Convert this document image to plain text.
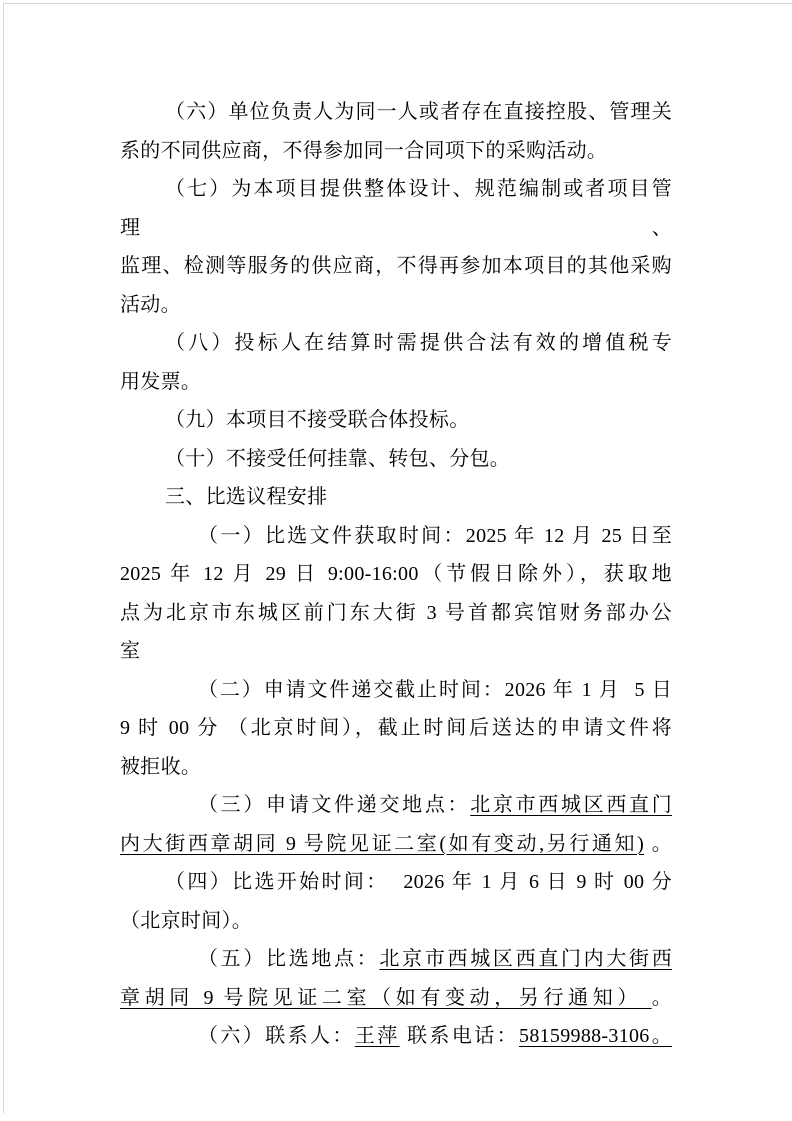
（六）单位负责人为同一人或者存在直接控股、管理关
系的不同供应商，不得参加同一合同项下的采购活动。
（七）为本项目提供整体设计、规范编制或者项目管理、
监理、检测等服务的供应商，不得再参加本项目的其他采购
活动。
（八）投标人在结算时需提供合法有效的增值税专
用发票。
（九）本项目不接受联合体投标。
（十）不接受任何挂靠、转包、分包。
三、比选议程安排
（一）比选文件获取时间：2025 年 12 月 25 日至
2025 年 12 月 29 日 9:00-16:00（节假日除外），获取地
点为北京市东城区前门东大街 3 号首都宾馆财务部办公
室
（二）申请文件递交截止时间：2026 年 1 月  5 日
9 时 00 分 （北京时间），截止时间后送达的申请文件将
被拒收。
（三）申请文件递交地点：北京市西城区西直门
内大街西章胡同 9 号院见证二室(如有变动,另行通知) 。
（四）比选开始时间：  2026 年 1 月 6 日 9 时 00 分
（北京时间）。
（五）比选地点：北京市西城区西直门内大街西
章胡同 9 号院见证二室（如有变动，另行通知） 。
（六）联系人：王萍 联系电话：58159988-3106。
